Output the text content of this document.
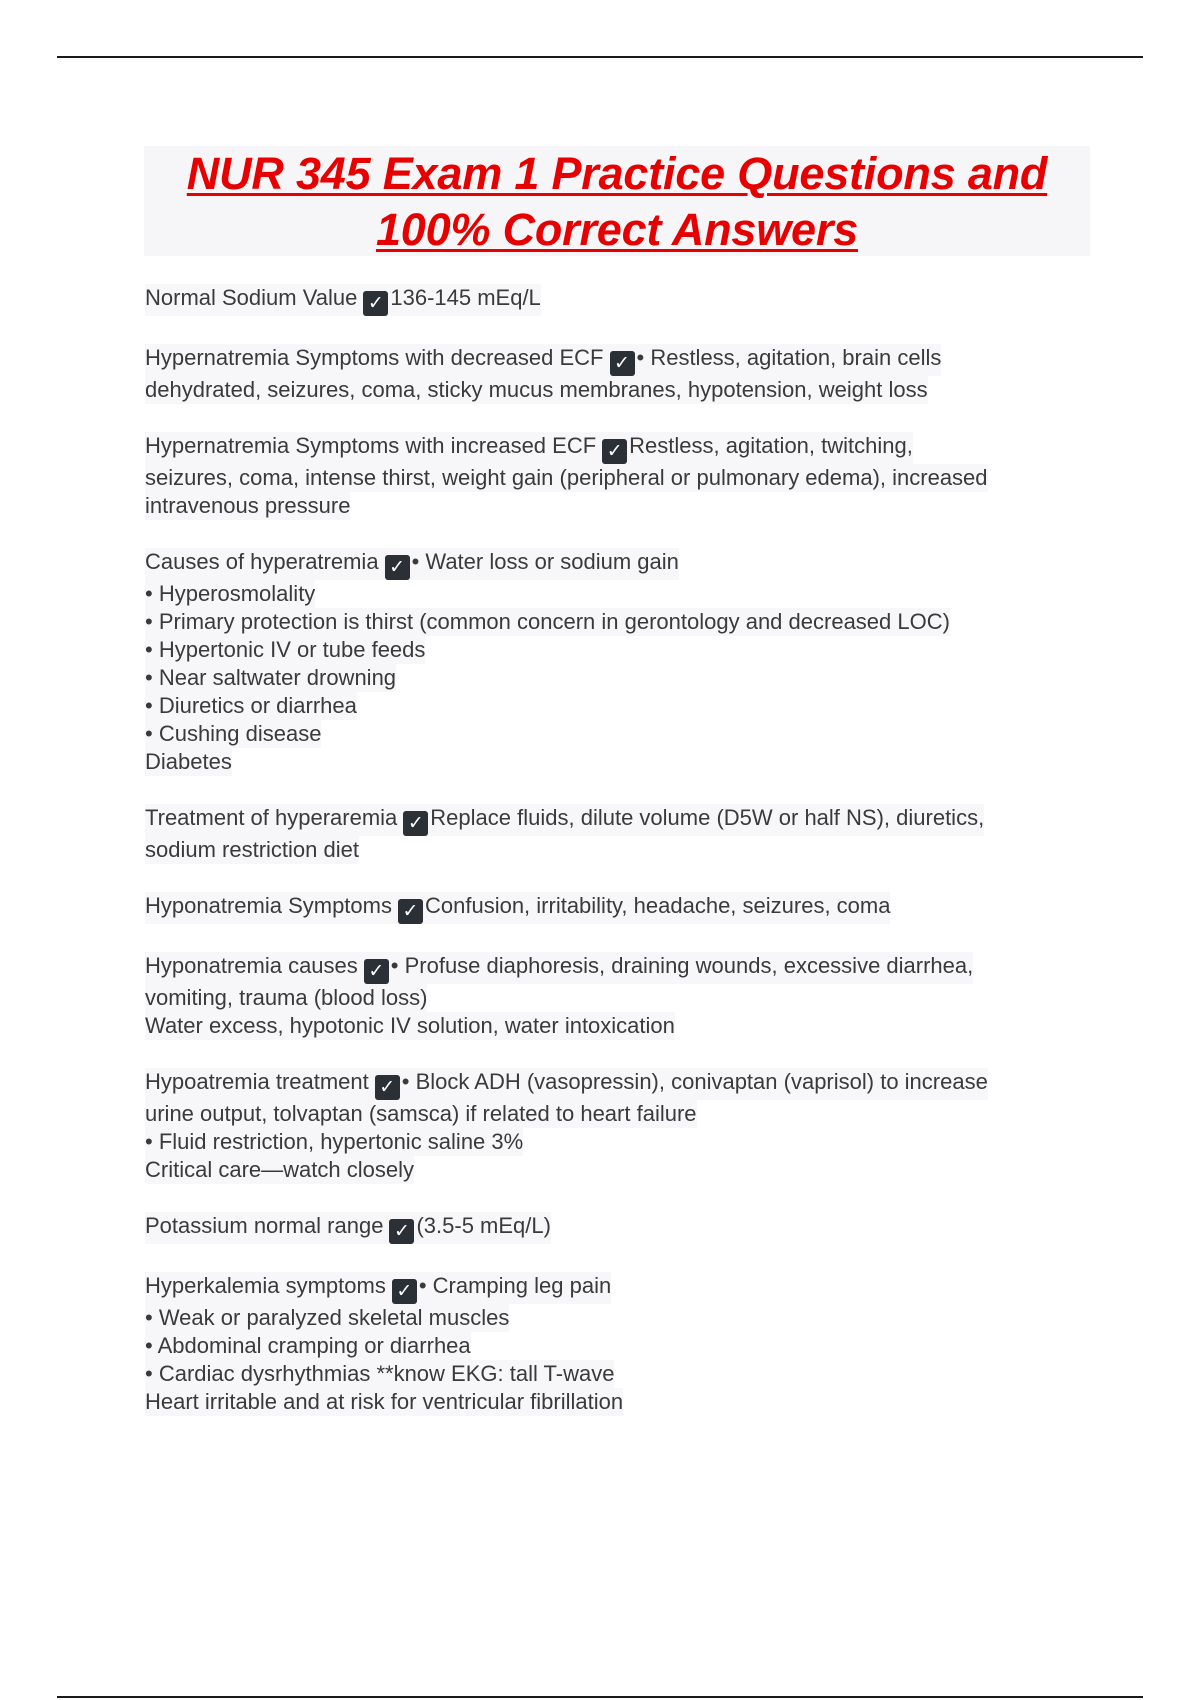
NUR 345 Exam 1 Practice Questions and
100% Correct Answers
Normal Sodium Value ✓ 136-145 mEq/L
Hypernatremia Symptoms with decreased ECF ✓ • Restless, agitation, brain cells
dehydrated, seizures, coma, sticky mucus membranes, hypotension, weight loss
Hypernatremia Symptoms with increased ECF ✓ Restless, agitation, twitching,
seizures, coma, intense thirst, weight gain (peripheral or pulmonary edema), increased
intravenous pressure
Causes of hyperatremia ✓ • Water loss or sodium gain
• Hyperosmolality
• Primary protection is thirst (common concern in gerontology and decreased LOC)
• Hypertonic IV or tube feeds
• Near saltwater drowning
• Diuretics or diarrhea
• Cushing disease
Diabetes
Treatment of hyperaremia ✓ Replace fluids, dilute volume (D5W or half NS), diuretics,
sodium restriction diet
Hyponatremia Symptoms ✓ Confusion, irritability, headache, seizures, coma
Hyponatremia causes ✓ • Profuse diaphoresis, draining wounds, excessive diarrhea,
vomiting, trauma (blood loss)
Water excess, hypotonic IV solution, water intoxication
Hypoatremia treatment ✓ • Block ADH (vasopressin), conivaptan (vaprisol) to increase
urine output, tolvaptan (samsca) if related to heart failure
• Fluid restriction, hypertonic saline 3%
Critical care—watch closely
Potassium normal range ✓ (3.5-5 mEq/L)
Hyperkalemia symptoms ✓ • Cramping leg pain
• Weak or paralyzed skeletal muscles
• Abdominal cramping or diarrhea
• Cardiac dysrhythmias **know EKG: tall T-wave
Heart irritable and at risk for ventricular fibrillation
